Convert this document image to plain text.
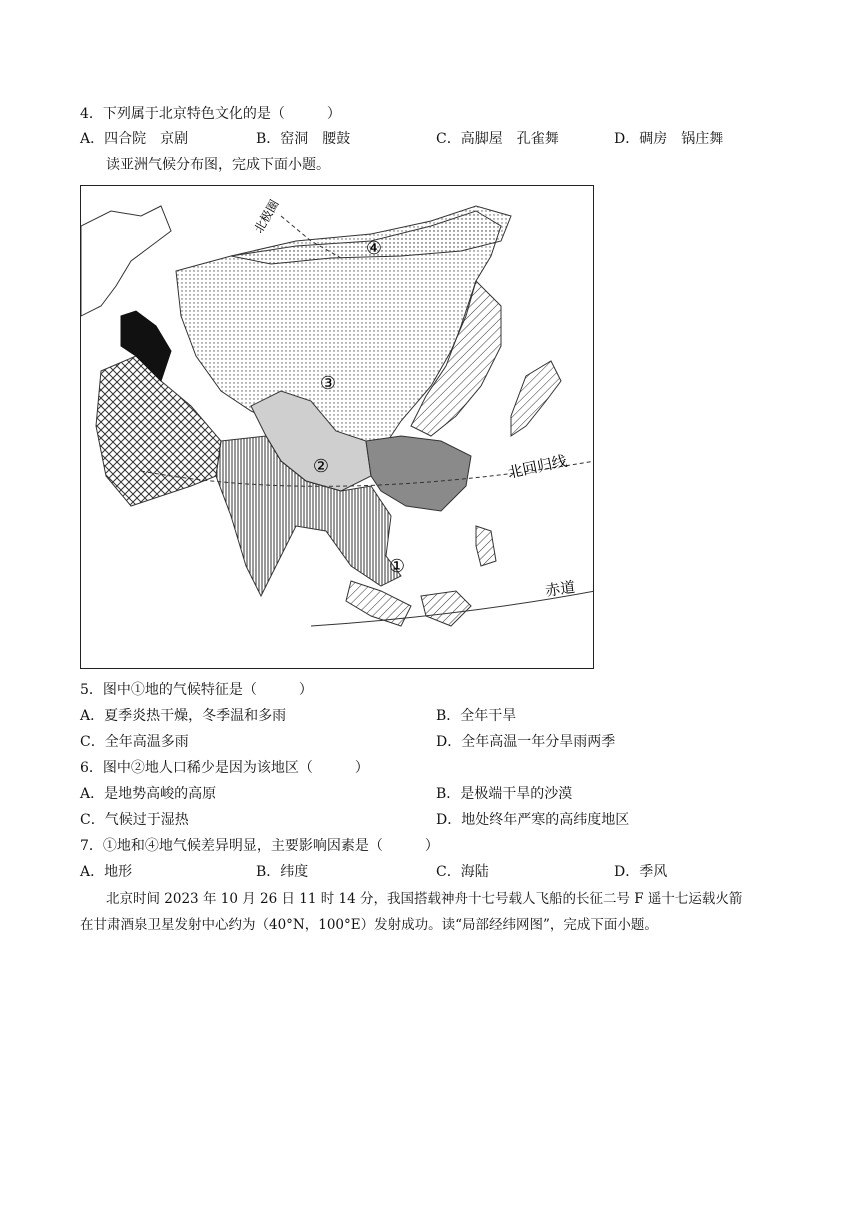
4．下列属于北京特色文化的是（　　　）
A．四合院　京剧	B．窑洞　腰鼓	C．高脚屋　孔雀舞	D．碉房　锅庄舞
读亚洲气候分布图，完成下面小题。
④
③
②
①
北极圈
北回归线
赤道
5．图中①地的气候特征是（　　　）
A．夏季炎热干燥，冬季温和多雨	B．全年干旱
C．全年高温多雨	D．全年高温一年分旱雨两季
6．图中②地人口稀少是因为该地区（　　　）
A．是地势高峻的高原	B．是极端干旱的沙漠
C．气候过于湿热	D．地处终年严寒的高纬度地区
7．①地和④地气候差异明显，主要影响因素是（　　　）
A．地形	B．纬度	C．海陆	D．季风
北京时间 2023 年 10 月 26 日 11 时 14 分，我国搭载神舟十七号载人飞船的长征二号 F 遥十七运载火箭
在甘肃酒泉卫星发射中心约为（40°N，100°E）发射成功。读“局部经纬网图”，完成下面小题。
